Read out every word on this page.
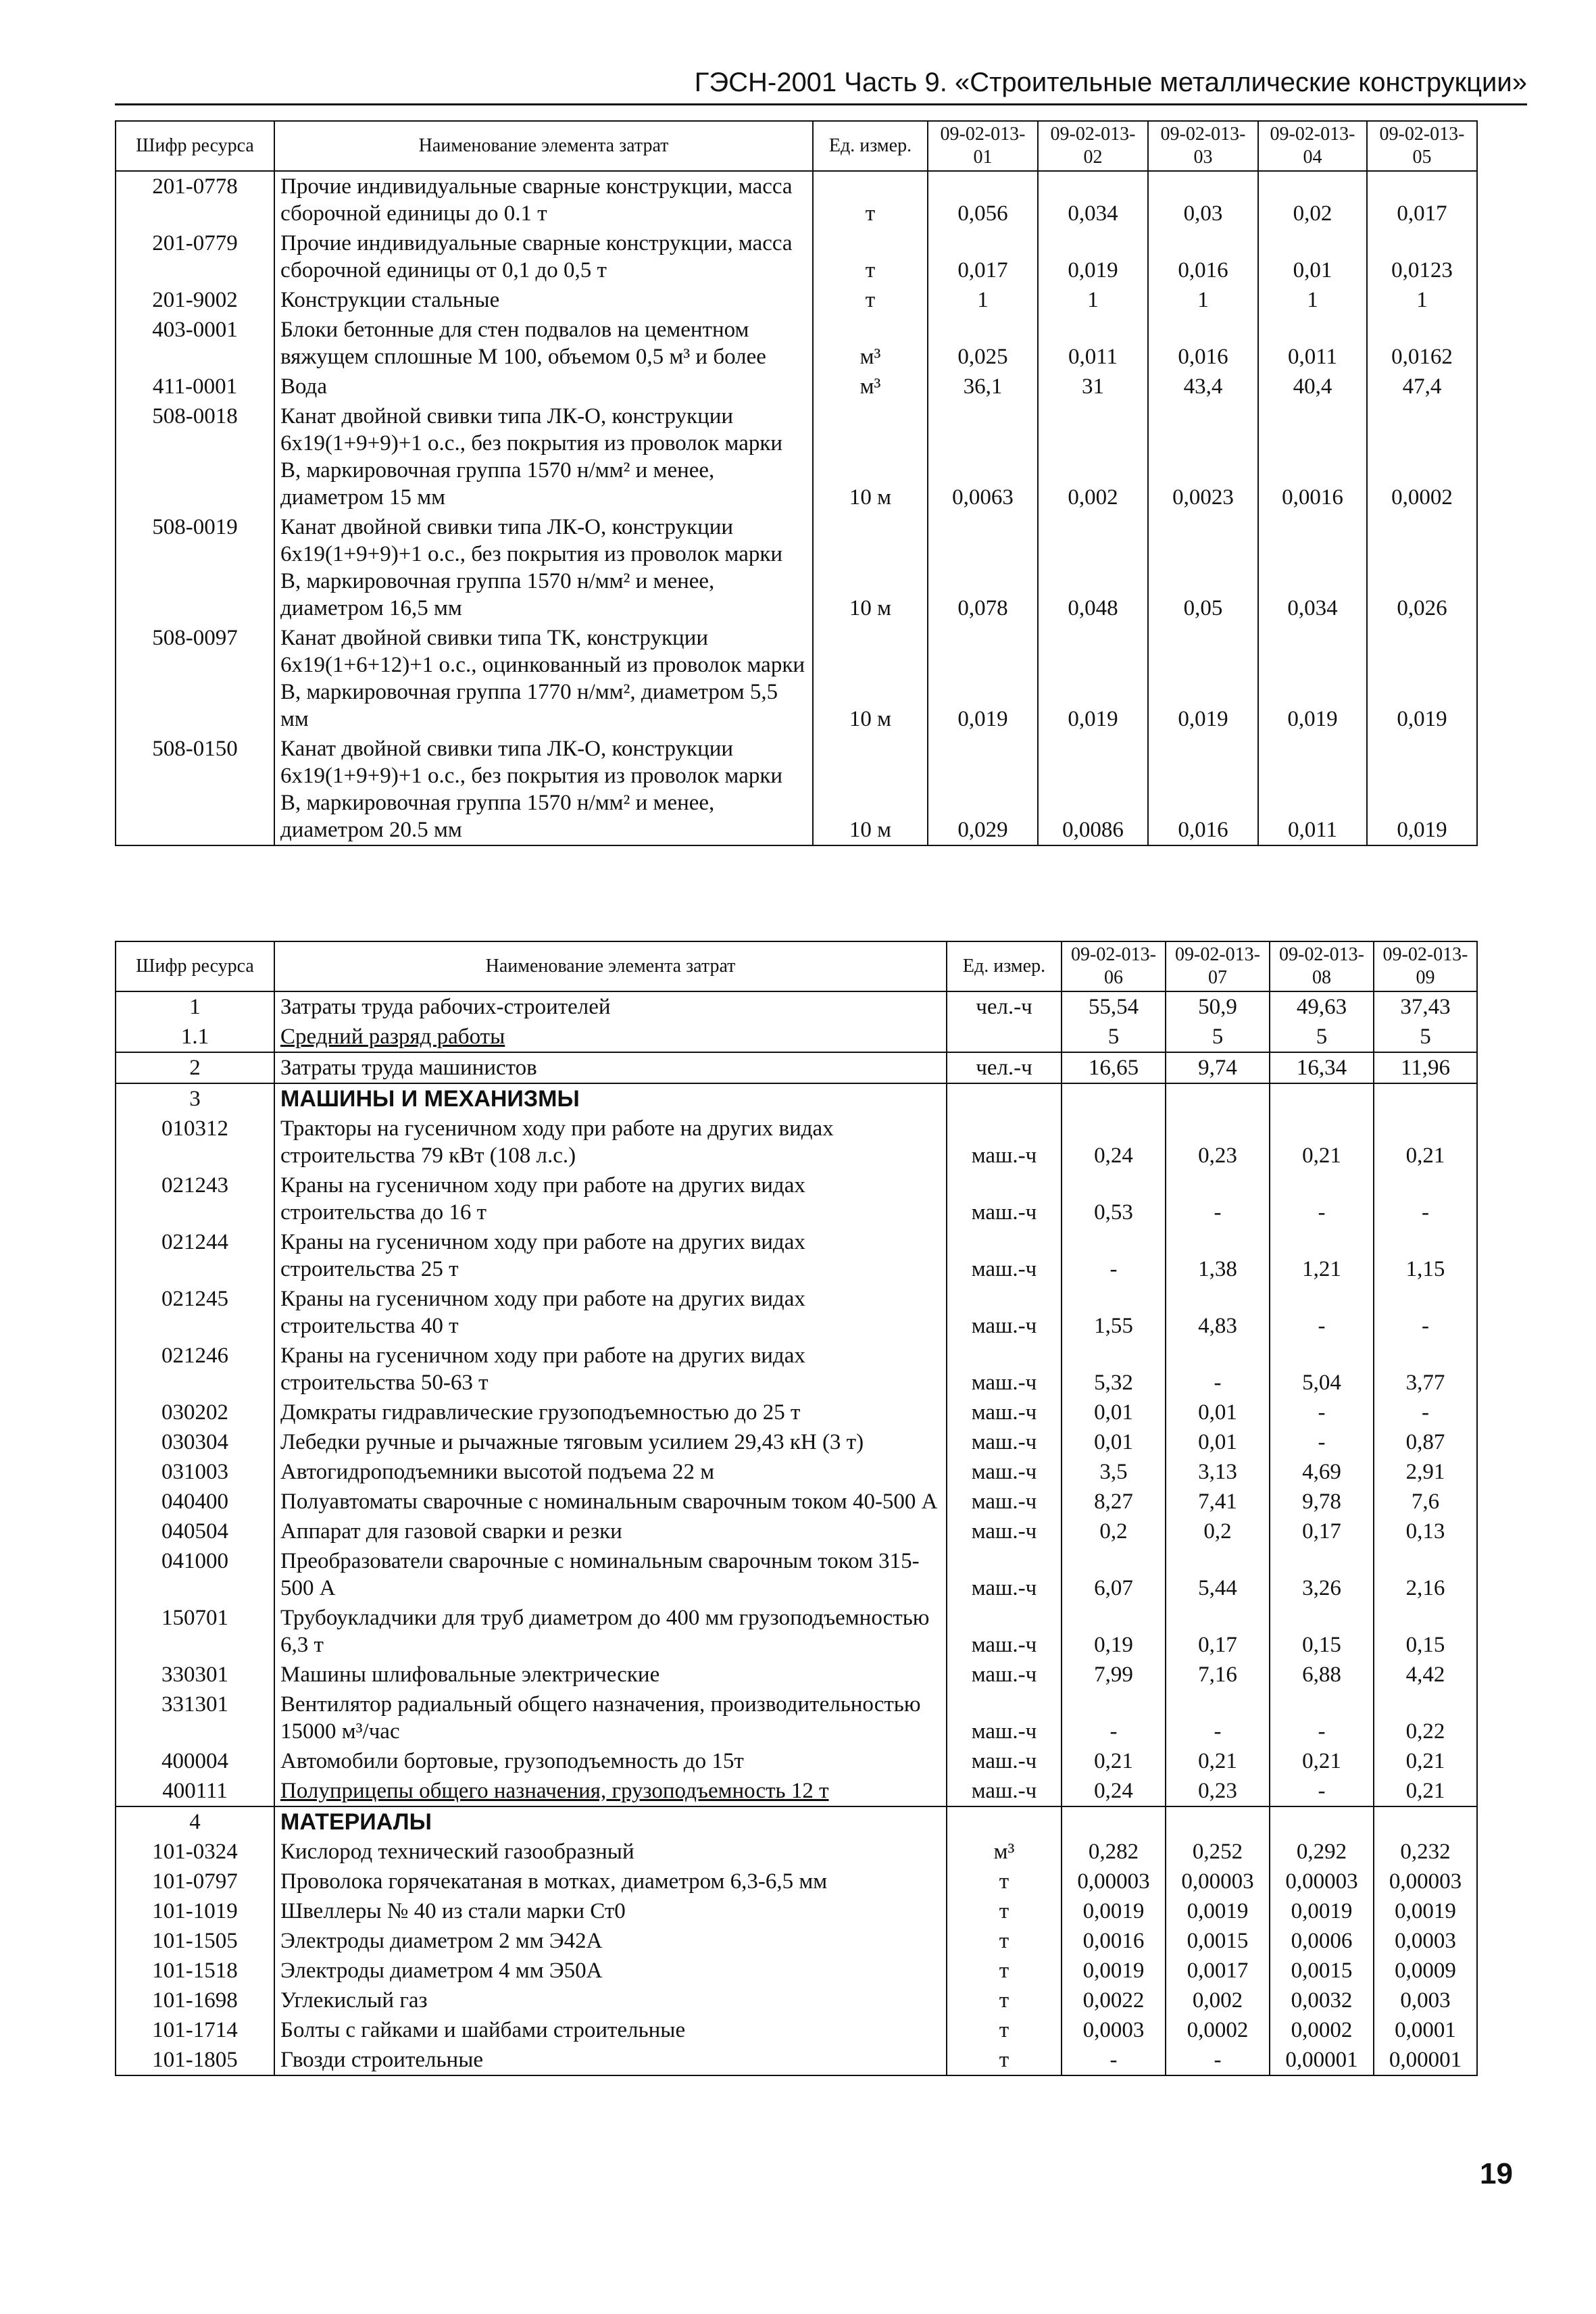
ГЭСН-2001 Часть 9. «Строительные металлические конструкции»
Шифр ресурса	Наименование элемента затрат	Ед. измер.	09-02-013-01	09-02-013-02	09-02-013-03	09-02-013-04	09-02-013-05
201-0778	Прочие индивидуальные сварные конструкции, масса сборочной единицы до 0.1 т	т	0,056	0,034	0,03	0,02	0,017
201-0779	Прочие индивидуальные сварные конструкции, масса сборочной единицы от 0,1 до 0,5 т	т	0,017	0,019	0,016	0,01	0,0123
201-9002	Конструкции стальные	т	1	1	1	1	1
403-0001	Блоки бетонные для стен подвалов на цементном вяжущем сплошные М 100, объемом 0,5 м³ и более	м³	0,025	0,011	0,016	0,011	0,0162
411-0001	Вода	м³	36,1	31	43,4	40,4	47,4
508-0018	Канат двойной свивки типа ЛК-О, конструкции 6х19(1+9+9)+1 о.с., без покрытия из проволок марки В, маркировочная группа 1570 н/мм² и менее, диаметром 15 мм	10 м	0,0063	0,002	0,0023	0,0016	0,0002
508-0019	Канат двойной свивки типа ЛК-О, конструкции 6х19(1+9+9)+1 о.с., без покрытия из проволок марки В, маркировочная группа 1570 н/мм² и менее, диаметром 16,5 мм	10 м	0,078	0,048	0,05	0,034	0,026
508-0097	Канат двойной свивки типа ТК, конструкции 6х19(1+6+12)+1 о.с., оцинкованный из проволок марки В, маркировочная группа 1770 н/мм², диаметром 5,5 мм	10 м	0,019	0,019	0,019	0,019	0,019
508-0150	Канат двойной свивки типа ЛК-О, конструкции 6х19(1+9+9)+1 о.с., без покрытия из проволок марки В, маркировочная группа 1570 н/мм² и менее, диаметром 20.5 мм	10 м	0,029	0,0086	0,016	0,011	0,019
Шифр ресурса	Наименование элемента затрат	Ед. измер.	09-02-013-06	09-02-013-07	09-02-013-08	09-02-013-09
1	Затраты труда рабочих-строителей	чел.-ч	55,54	50,9	49,63	37,43
1.1	Средний разряд работы		5	5	5	5
2	Затраты труда машинистов	чел.-ч	16,65	9,74	16,34	11,96
3	МАШИНЫ И МЕХАНИЗМЫ					
010312	Тракторы на гусеничном ходу при работе на других видах строительства 79 кВт (108 л.с.)	маш.-ч	0,24	0,23	0,21	0,21
021243	Краны на гусеничном ходу при работе на других видах строительства до 16 т	маш.-ч	0,53	-	-	-
021244	Краны на гусеничном ходу при работе на других видах строительства 25 т	маш.-ч	-	1,38	1,21	1,15
021245	Краны на гусеничном ходу при работе на других видах строительства 40 т	маш.-ч	1,55	4,83	-	-
021246	Краны на гусеничном ходу при работе на других видах строительства 50-63 т	маш.-ч	5,32	-	5,04	3,77
030202	Домкраты гидравлические грузоподъемностью до 25 т	маш.-ч	0,01	0,01	-	-
030304	Лебедки ручные и рычажные тяговым усилием 29,43 кН (3 т)	маш.-ч	0,01	0,01	-	0,87
031003	Автогидроподъемники высотой подъема 22 м	маш.-ч	3,5	3,13	4,69	2,91
040400	Полуавтоматы сварочные с номинальным сварочным током 40-500 А	маш.-ч	8,27	7,41	9,78	7,6
040504	Аппарат для газовой сварки и резки	маш.-ч	0,2	0,2	0,17	0,13
041000	Преобразователи сварочные с номинальным сварочным током 315-500 А	маш.-ч	6,07	5,44	3,26	2,16
150701	Трубоукладчики для труб диаметром до 400 мм грузоподъемностью 6,3 т	маш.-ч	0,19	0,17	0,15	0,15
330301	Машины шлифовальные электрические	маш.-ч	7,99	7,16	6,88	4,42
331301	Вентилятор радиальный общего назначения, производительностью 15000 м³/час	маш.-ч	-	-	-	0,22
400004	Автомобили бортовые, грузоподъемность до 15т	маш.-ч	0,21	0,21	0,21	0,21
400111	Полуприцепы общего назначения, грузоподъемность 12 т	маш.-ч	0,24	0,23	-	0,21
4	МАТЕРИАЛЫ					
101-0324	Кислород технический газообразный	м³	0,282	0,252	0,292	0,232
101-0797	Проволока горячекатаная в мотках, диаметром 6,3-6,5 мм	т	0,00003	0,00003	0,00003	0,00003
101-1019	Швеллеры № 40 из стали марки Ст0	т	0,0019	0,0019	0,0019	0,0019
101-1505	Электроды диаметром 2 мм Э42А	т	0,0016	0,0015	0,0006	0,0003
101-1518	Электроды диаметром 4 мм Э50А	т	0,0019	0,0017	0,0015	0,0009
101-1698	Углекислый газ	т	0,0022	0,002	0,0032	0,003
101-1714	Болты с гайками и шайбами строительные	т	0,0003	0,0002	0,0002	0,0001
101-1805	Гвозди строительные	т	-	-	0,00001	0,00001
19
